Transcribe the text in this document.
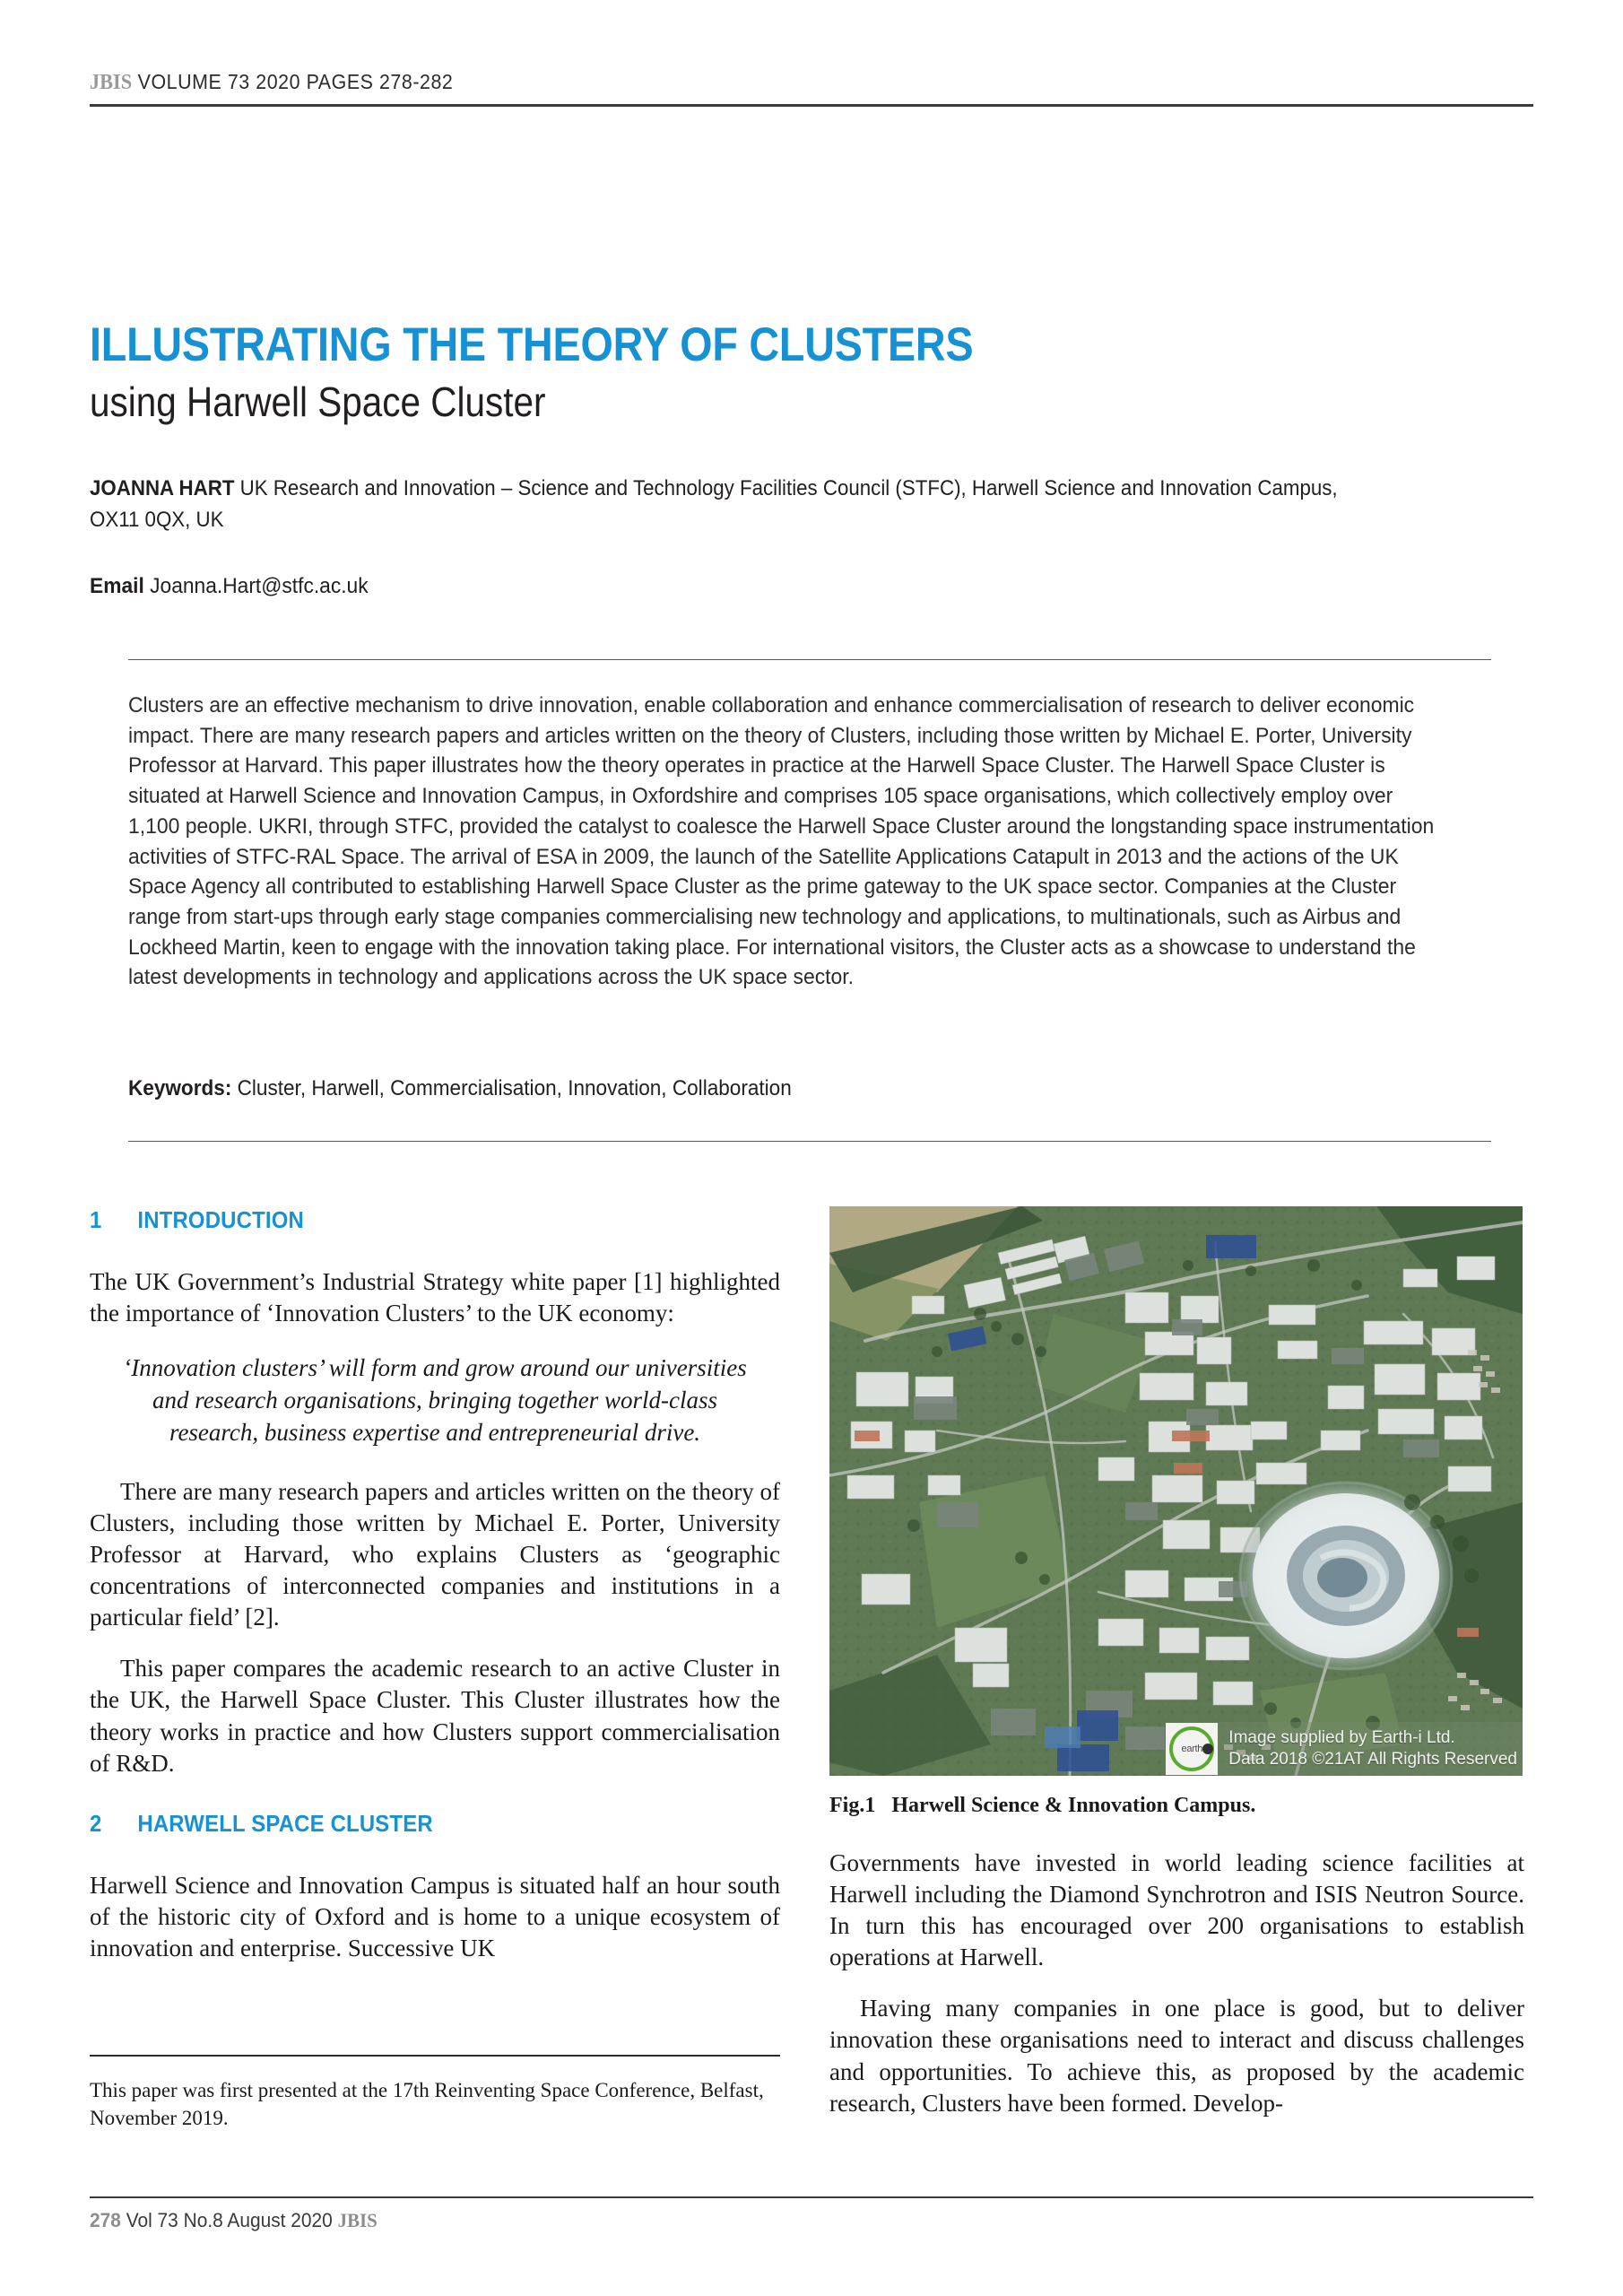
JBIS VOLUME 73 2020 PAGES 278-282
ILLUSTRATING THE THEORY OF CLUSTERS
using Harwell Space Cluster
JOANNA HART UK Research and Innovation – Science and Technology Facilities Council (STFC), Harwell Science and Innovation Campus, OX11 0QX, UK
Email Joanna.Hart@stfc.ac.uk
Clusters are an effective mechanism to drive innovation, enable collaboration and enhance commercialisation of research to deliver economic impact. There are many research papers and articles written on the theory of Clusters, including those written by Michael E. Porter, University Professor at Harvard. This paper illustrates how the theory operates in practice at the Harwell Space Cluster. The Harwell Space Cluster is situated at Harwell Science and Innovation Campus, in Oxfordshire and comprises 105 space organisations, which collectively employ over 1,100 people. UKRI, through STFC, provided the catalyst to coalesce the Harwell Space Cluster around the longstanding space instrumentation activities of STFC-RAL Space. The arrival of ESA in 2009, the launch of the Satellite Applications Catapult in 2013 and the actions of the UK Space Agency all contributed to establishing Harwell Space Cluster as the prime gateway to the UK space sector. Companies at the Cluster range from start-ups through early stage companies commercialising new technology and applications, to multinationals, such as Airbus and Lockheed Martin, keen to engage with the innovation taking place. For international visitors, the Cluster acts as a showcase to understand the latest developments in technology and applications across the UK space sector.
Keywords: Cluster, Harwell, Commercialisation, Innovation, Collaboration
1	INTRODUCTION

The UK Government’s Industrial Strategy white paper [1] highlighted the importance of ‘Innovation Clusters’ to the UK economy:

‘Innovation clusters’ will form and grow around our universities and research organisations, bringing together world-class research, business expertise and entrepreneurial drive.

There are many research papers and articles written on the theory of Clusters, including those written by Michael E. Porter, University Professor at Harvard, who explains Clusters as ‘geographic concentrations of interconnected companies and institutions in a particular field’ [2].

This paper compares the academic research to an active Cluster in the UK, the Harwell Space Cluster. This Cluster illustrates how the theory works in practice and how Clusters support commercialisation of R&D.

2	HARWELL SPACE CLUSTER

Harwell Science and Innovation Campus is situated half an hour south of the historic city of Oxford and is home to a unique ecosystem of innovation and enterprise. Successive UK

earth
Image supplied by Earth-i Ltd.
Data 2018 ©21AT All Rights Reserved
Fig.1 Harwell Science & Innovation Campus.

Governments have invested in world leading science facilities at Harwell including the Diamond Synchrotron and ISIS Neutron Source. In turn this has encouraged over 200 organisations to establish operations at Harwell.

Having many companies in one place is good, but to deliver innovation these organisations need to interact and discuss challenges and opportunities. To achieve this, as proposed by the academic research, Clusters have been formed. Develop-

This paper was first presented at the 17th Reinventing Space Conference, Belfast, November 2019.
278 Vol 73 No.8 August 2020 JBIS
